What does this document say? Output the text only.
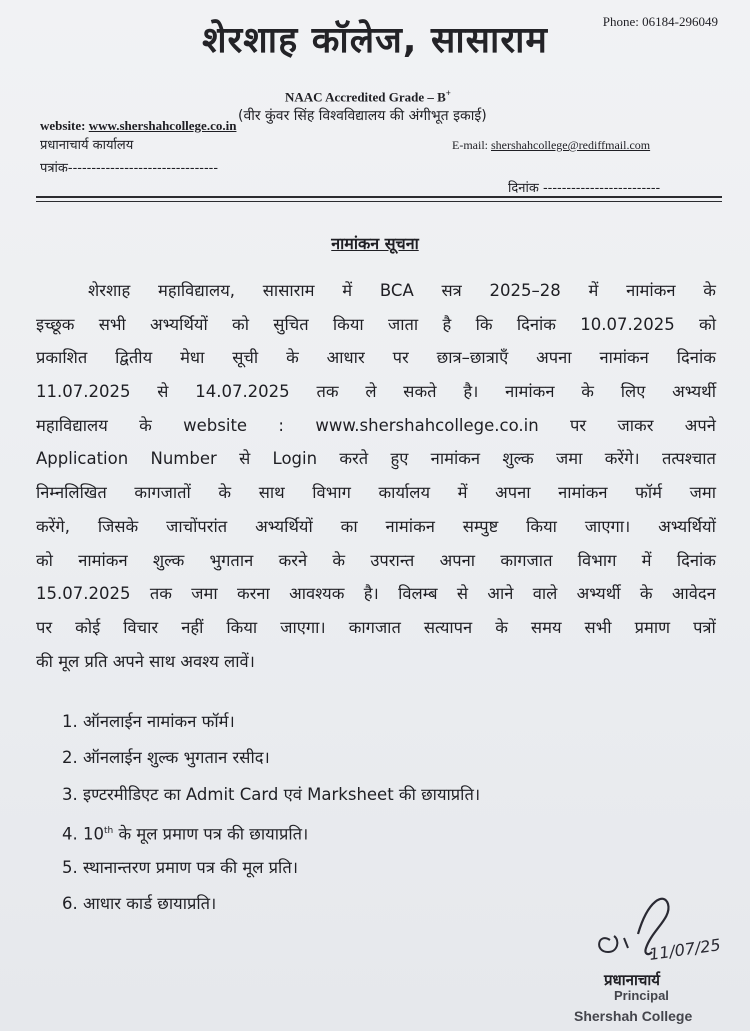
Phone: 06184-296049
शेरशाह कॉलेज, सासाराम
NAAC Accredited Grade – B+
(वीर कुंवर सिंह विश्वविद्यालय की अंगीभूत इकाई)
website: www.shershahcollege.co.in
प्रधानाचार्य कार्यालय	E-mail: shershahcollege@rediffmail.com
पत्रांक--------------------------------
दिनांक -------------------------
नामांकन सूचना
शेरशाह महाविद्यालय, सासाराम में BCA सत्र 2025–28 में नामांकन के
इच्छूक सभी अभ्यर्थियों को सुचित किया जाता है कि दिनांक 10.07.2025 को
प्रकाशित द्वितीय मेधा सूची के आधार पर छात्र–छात्राएँ अपना नामांकन दिनांक
11.07.2025 से 14.07.2025 तक ले सकते है। नामांकन के लिए अभ्यर्थी
महाविद्यालय के website : www.shershahcollege.co.in पर जाकर अपने
Application Number से Login करते हुए नामांकन शुल्क जमा करेंगे। तत्पश्चात
निम्नलिखित कागजातों के साथ विभाग कार्यालय में अपना नामांकन फॉर्म जमा
करेंगे, जिसके जाचोंपरांत अभ्यर्थियों का नामांकन सम्पुष्ट किया जाएगा। अभ्यर्थियों
को नामांकन शुल्क भुगतान करने के उपरान्त अपना कागजात विभाग में दिनांक
15.07.2025 तक जमा करना आवश्यक है। विलम्ब से आने वाले अभ्यर्थी के आवेदन
पर कोई विचार नहीं किया जाएगा। कागजात सत्यापन के समय सभी प्रमाण पत्रों
की मूल प्रति अपने साथ अवश्य लावें।
1. ऑनलाईन नामांकन फॉर्म।
2. ऑनलाईन शुल्क भुगतान रसीद।
3. इण्टरमीडिएट का Admit Card एवं Marksheet की छायाप्रति।
4. 10th के मूल प्रमाण पत्र की छायाप्रति।
5. स्थानान्तरण प्रमाण पत्र की मूल प्रति।
6. आधार कार्ड छायाप्रति।
11/07/25
प्रधानाचार्य
Principal
Shershah College
